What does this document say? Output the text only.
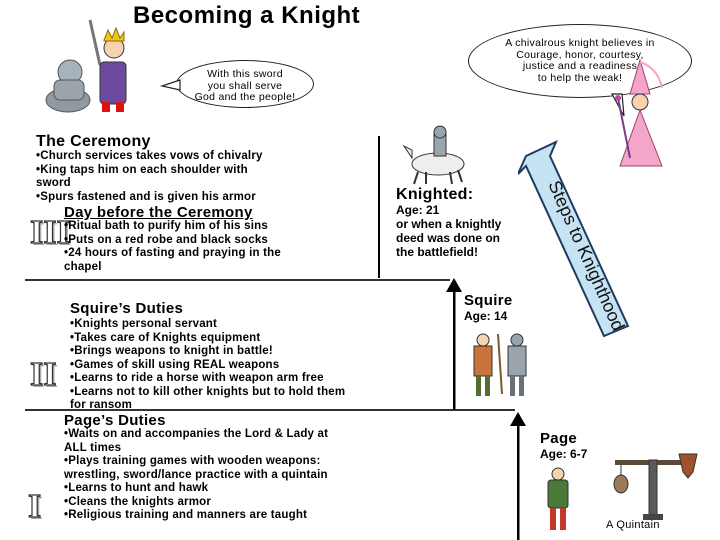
Becoming a Knight
With this sword
you shall serve
God and the people!
A chivalrous knight believes in
Courage, honor, courtesy,
justice and a readiness
to help the weak!
The Ceremony
•Church services takes vows of chivalry
•King taps him on each shoulder with
sword
•Spurs fastened and is given his armor
Day before the Ceremony
III
•Ritual bath to purify him of his sins
•Puts on a red robe and black socks
•24 hours of fasting and praying in the
chapel
Knighted:
Age: 21
or when a knightly
deed was done on
the battlefield!	Steps to Knighthood
Squire’s Duties
II
•Knights personal servant
•Takes care of Knights equipment
•Brings weapons to knight in battle!
•Games of skill using REAL weapons
•Learns to ride a horse with weapon arm free
•Learns not to kill other knights but to hold them
for ransom
Squire
Age: 14
Page’s Duties
I
•Waits on and accompanies the Lord & Lady at
ALL times
•Plays training games with wooden weapons:
wrestling, sword/lance practice with a quintain
•Learns to hunt and hawk
•Cleans the knights armor
•Religious training and manners are taught
Page
Age: 6-7
A Quintain
